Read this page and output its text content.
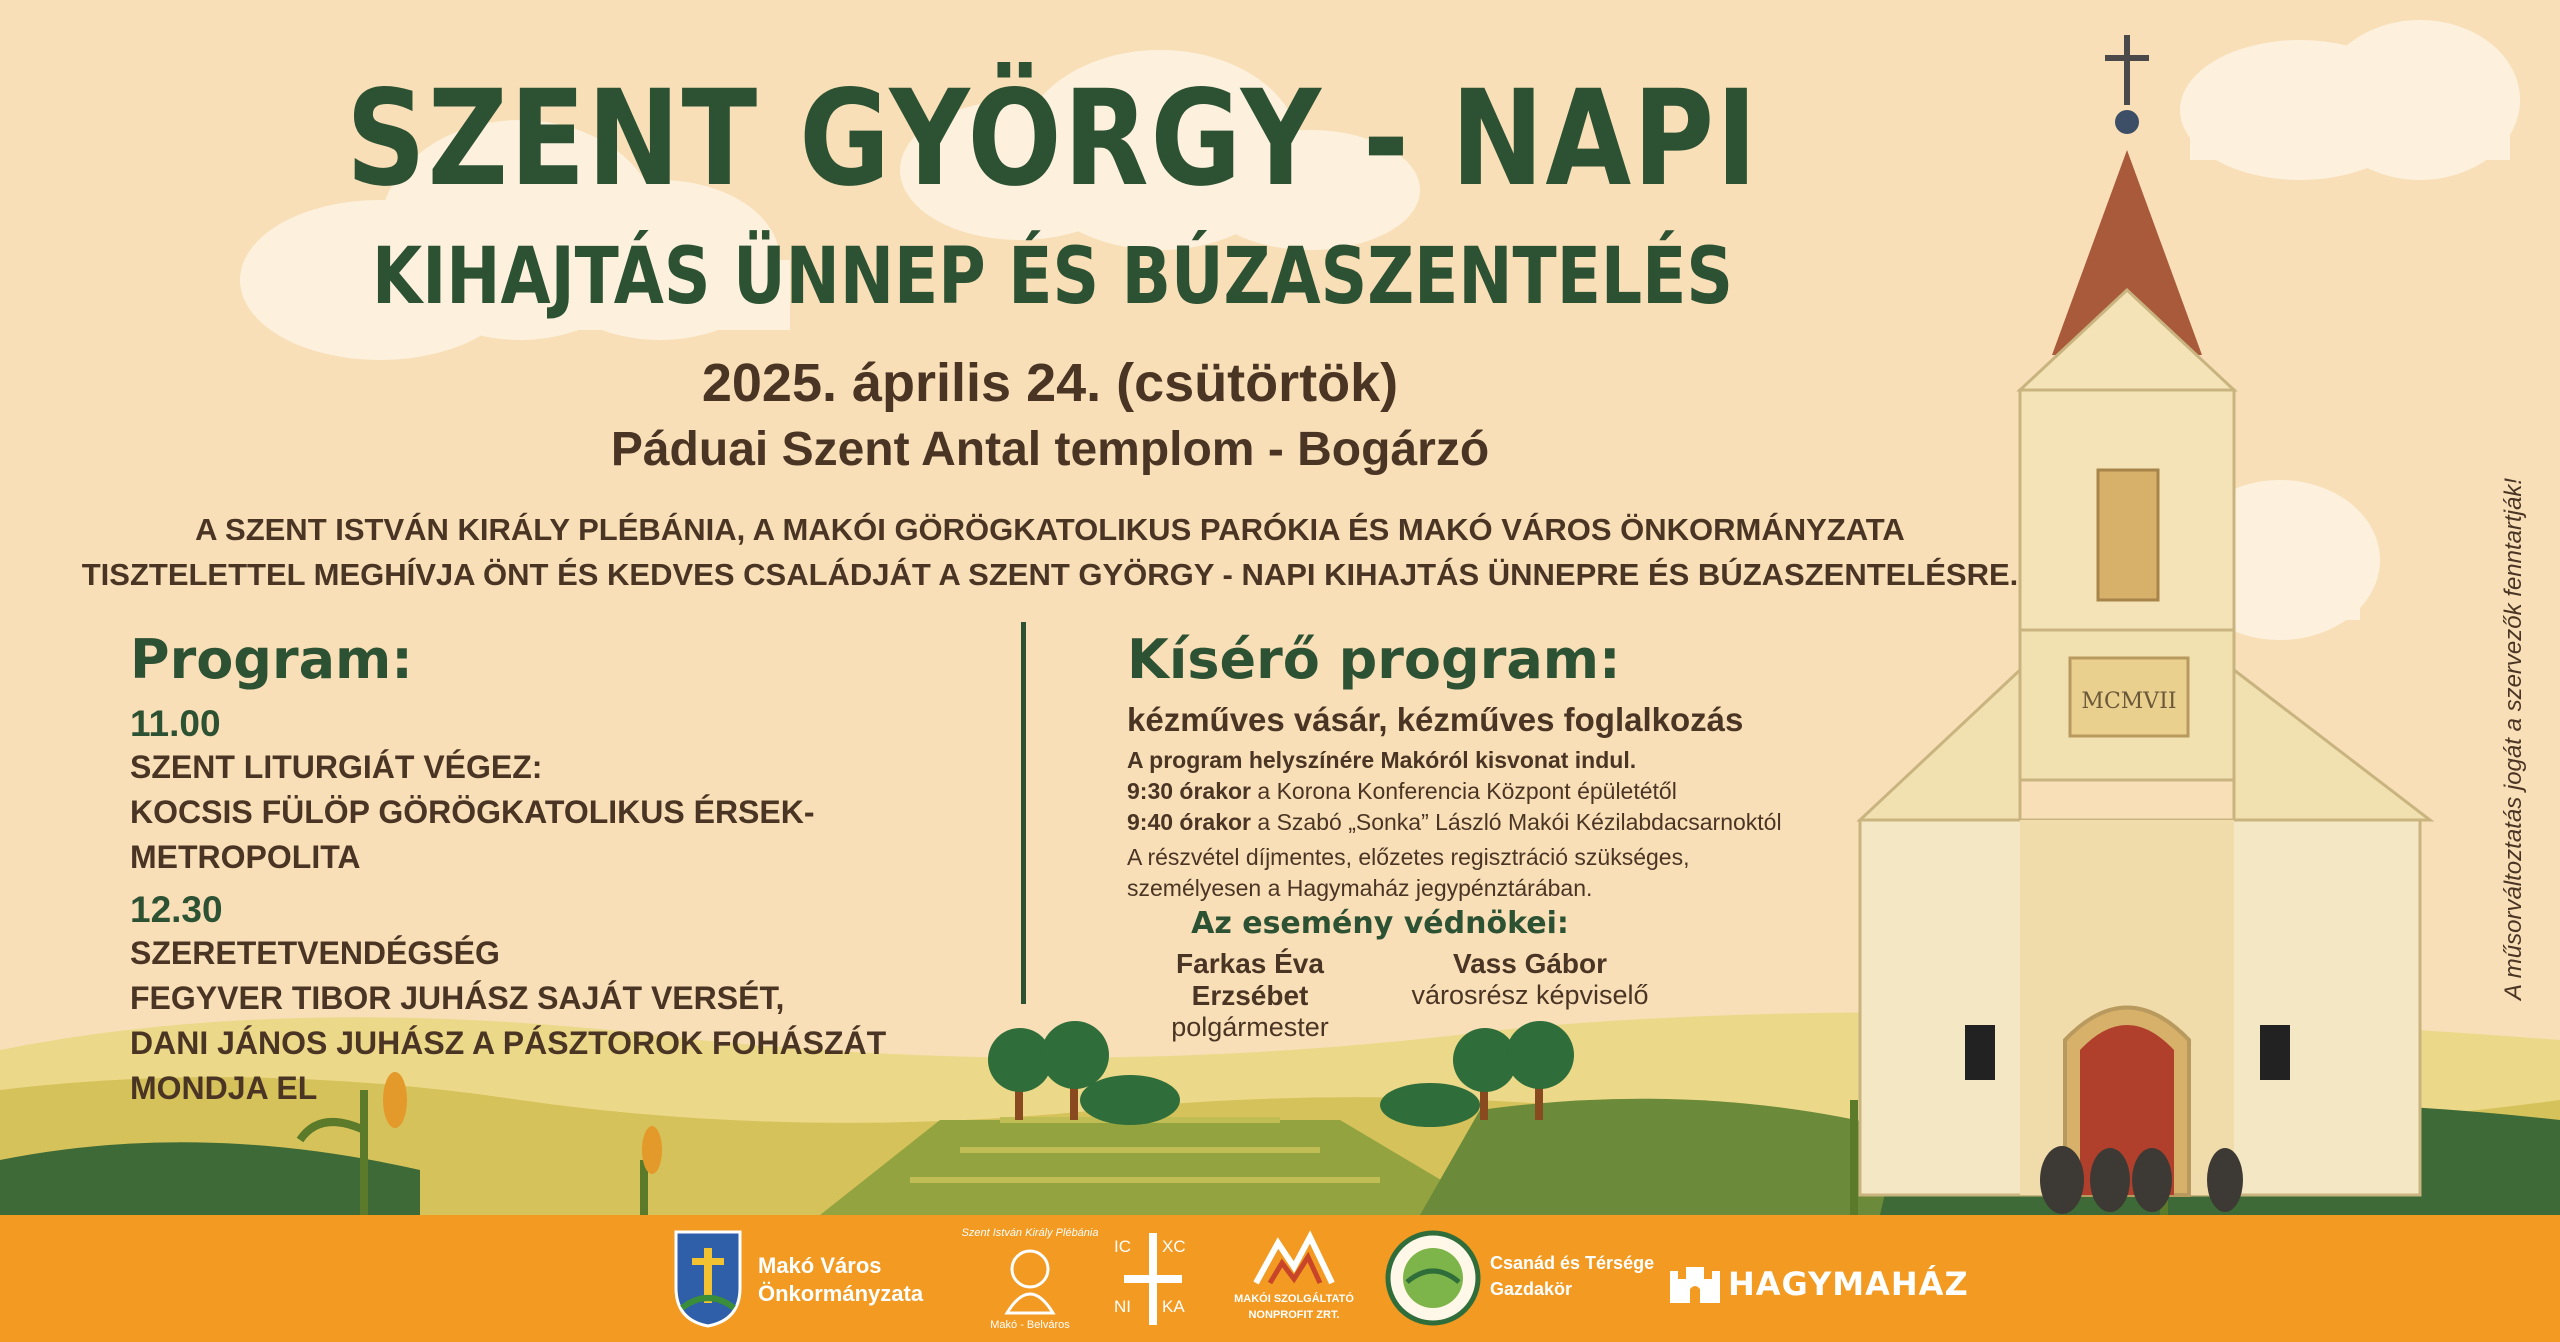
MCMVII
SZENT GYÖRGY - NAPI
KIHAJTÁS ÜNNEP ÉS BÚZASZENTELÉS
2025. április 24. (csütörtök)
Páduai Szent Antal templom - Bogárzó
A SZENT ISTVÁN KIRÁLY PLÉBÁNIA, A MAKÓI GÖRÖGKATOLIKUS PARÓKIA ÉS MAKÓ VÁROS ÖNKORMÁNYZATA
TISZTELETTEL MEGHÍVJA ÖNT ÉS KEDVES CSALÁDJÁT A SZENT GYÖRGY - NAPI KIHAJTÁS ÜNNEPRE ÉS BÚZASZENTELÉSRE.
Program:
11.00
SZENT LITURGIÁT VÉGEZ:
KOCSIS FÜLÖP GÖRÖGKATOLIKUS ÉRSEK-METROPOLITA
12.30
SZERETETVENDÉGSÉG
FEGYVER TIBOR JUHÁSZ SAJÁT VERSÉT,
DANI JÁNOS JUHÁSZ A PÁSZTOROK FOHÁSZÁT MONDJA EL
Kísérő program:
kézműves vásár, kézműves foglalkozás
A program helyszínére Makóról kisvonat indul.
9:30 órakor a Korona Konferencia Központ épületétől
9:40 órakor a Szabó „Sonka” László Makói Kézilabdacsarnoktól
A részvétel díjmentes, előzetes regisztráció szükséges,
személyesen a Hagymaház jegypénztárában.
Az esemény védnökei:
Farkas Éva Erzsébet
polgármester
Vass Gábor
városrész képviselő	A műsorváltoztatás jogát a szervezők fenntartják!
Makó Város
Önkormányzata
Szent István Király Plébánia
Makó - Belváros
IC XC
NI KA	MAKÓI SZOLGÁLTATÓ
NONPROFIT ZRT.
Csanád és Térsége
Gazdakör	HAGYMAHÁZ
